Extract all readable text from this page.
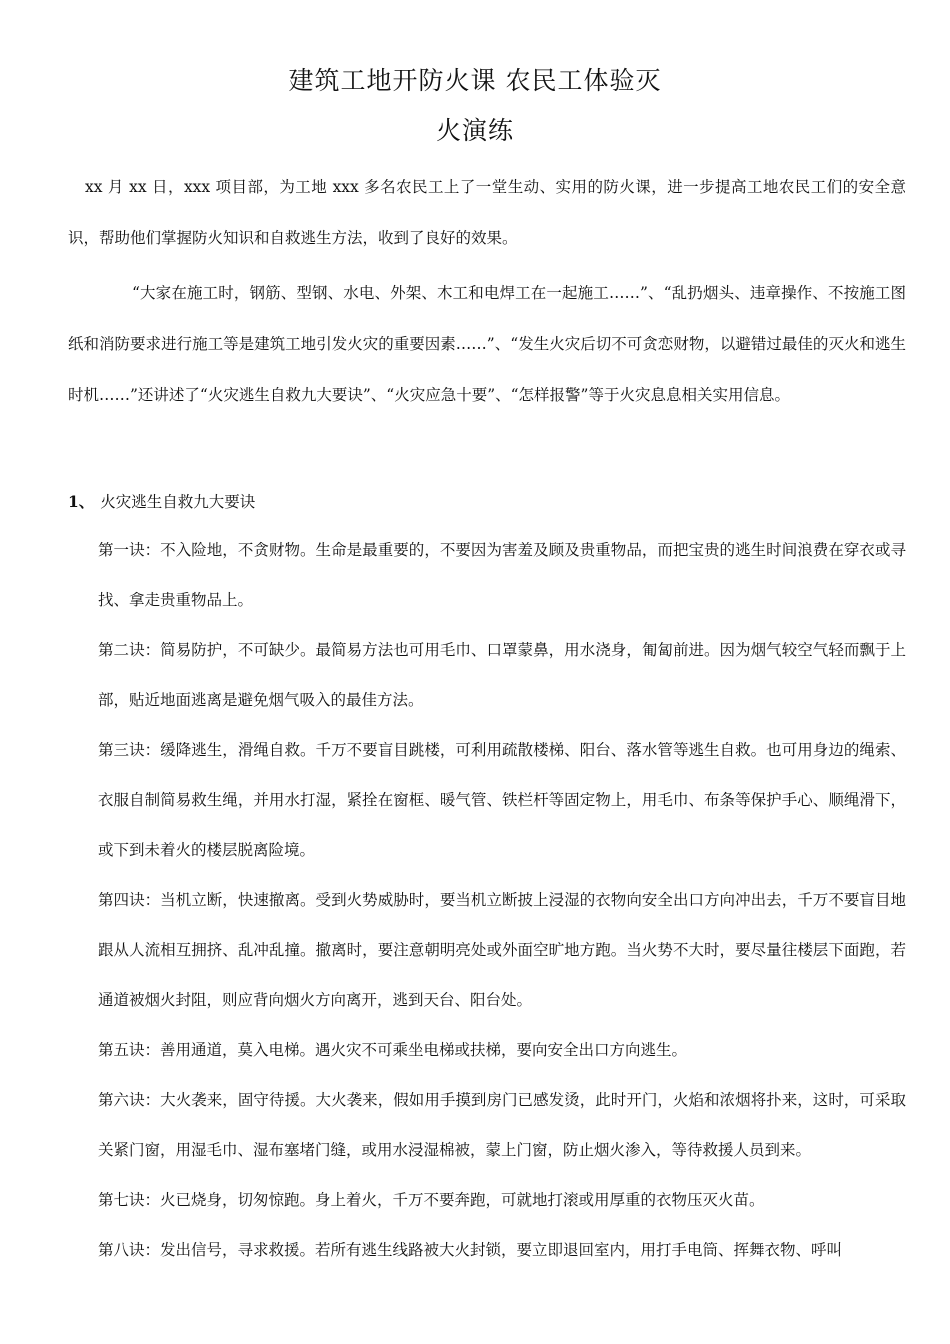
建筑工地开防火课 农民工体验灭
火演练

xx 月 xx 日，xxx 项目部，为工地 xxx 多名农民工上了一堂生动、实用的防火课，进一步提高工地农民工们的安全意识，帮助他们掌握防火知识和自救逃生方法，收到了良好的效果。

“大家在施工时，钢筋、型钢、水电、外架、木工和电焊工在一起施工……”、“乱扔烟头、违章操作、不按施工图纸和消防要求进行施工等是建筑工地引发火灾的重要因素……”、“发生火灾后切不可贪恋财物，以避错过最佳的灭火和逃生时机……”还讲述了“火灾逃生自救九大要诀”、“火灾应急十要”、“怎样报警”等于火灾息息相关实用信息。

1、 火灾逃生自救九大要诀

第一诀：不入险地，不贪财物。生命是最重要的，不要因为害羞及顾及贵重物品，而把宝贵的逃生时间浪费在穿衣或寻找、拿走贵重物品上。
第二诀：简易防护，不可缺少。最简易方法也可用毛巾、口罩蒙鼻，用水浇身，匍匐前进。因为烟气较空气轻而飘于上部，贴近地面逃离是避免烟气吸入的最佳方法。
第三诀：缓降逃生，滑绳自救。千万不要盲目跳楼，可利用疏散楼梯、阳台、落水管等逃生自救。也可用身边的绳索、衣服自制简易救生绳，并用水打湿，紧拴在窗框、暖气管、铁栏杆等固定物上，用毛巾、布条等保护手心、顺绳滑下，或下到未着火的楼层脱离险境。
第四诀：当机立断，快速撤离。受到火势威胁时，要当机立断披上浸湿的衣物向安全出口方向冲出去，千万不要盲目地跟从人流相互拥挤、乱冲乱撞。撤离时，要注意朝明亮处或外面空旷地方跑。当火势不大时，要尽量往楼层下面跑，若通道被烟火封阻，则应背向烟火方向离开，逃到天台、阳台处。
第五诀：善用通道，莫入电梯。遇火灾不可乘坐电梯或扶梯，要向安全出口方向逃生。
第六诀：大火袭来，固守待援。大火袭来，假如用手摸到房门已感发烫，此时开门，火焰和浓烟将扑来，这时，可采取关紧门窗，用湿毛巾、湿布塞堵门缝，或用水浸湿棉被，蒙上门窗，防止烟火渗入，等待救援人员到来。
第七诀：火已烧身，切匆惊跑。身上着火，千万不要奔跑，可就地打滚或用厚重的衣物压灭火苗。
第八诀：发出信号，寻求救援。若所有逃生线路被大火封锁，要立即退回室内，用打手电筒、挥舞衣物、呼叫
